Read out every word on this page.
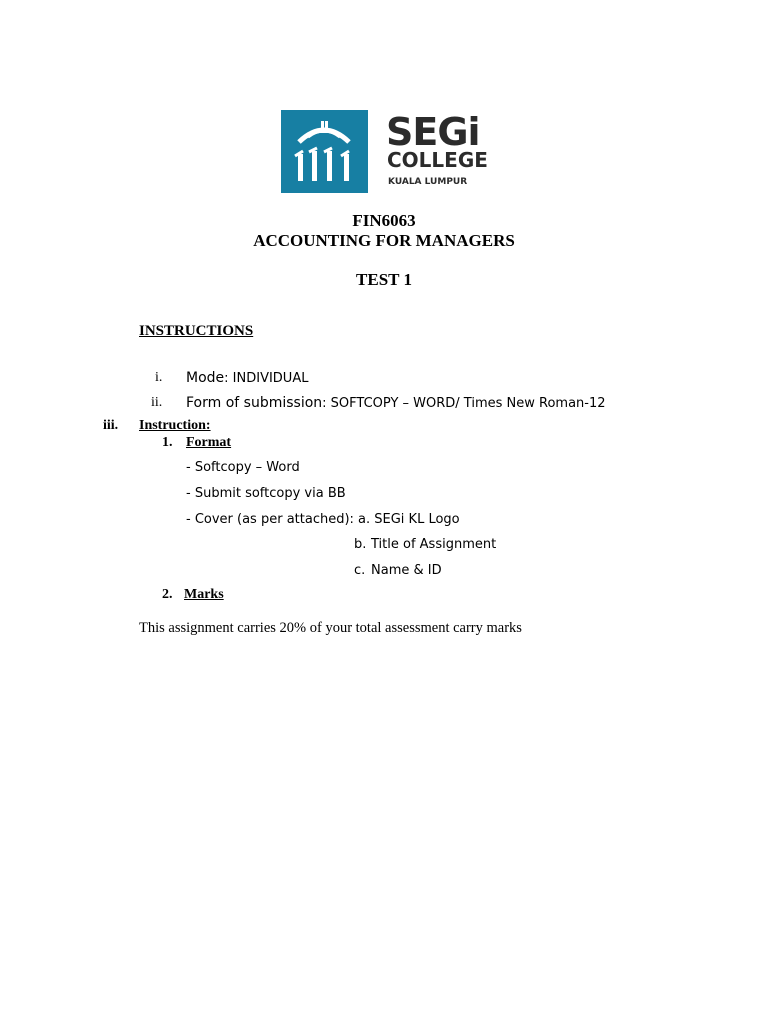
SEGi
COLLEGE
KUALA LUMPUR
FIN6063
ACCOUNTING FOR MANAGERS
TEST 1
INSTRUCTIONS
i. Mode: INDIVIDUAL
ii. Form of submission: SOFTCOPY – WORD/ Times New Roman-12
iii. Instruction:
1. Format
- Softcopy – Word
- Submit softcopy via BB
- Cover (as per attached): a. SEGi KL Logo
b. Title of Assignment
c. Name & ID
2. Marks
This assignment carries 20% of your total assessment carry marks
